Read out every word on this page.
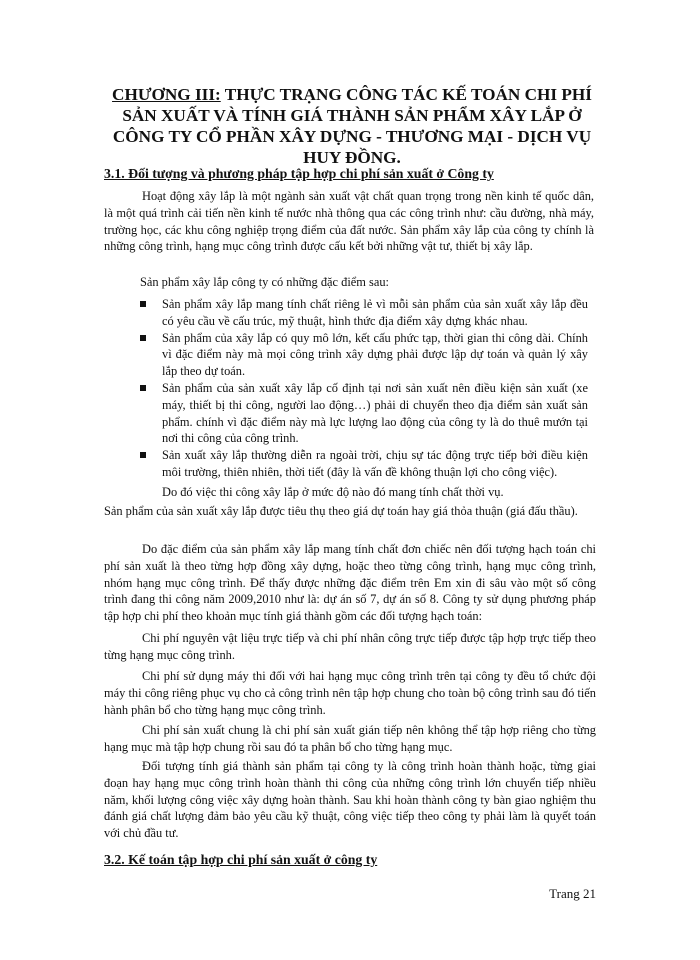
CHƯƠNG III: THỰC TRẠNG CÔNG TÁC KẾ TOÁN CHI PHÍ SẢN XUẤT VÀ TÍNH GIÁ THÀNH SẢN PHẨM XÂY LẮP Ở CÔNG TY CỔ PHẦN XÂY DỰNG - THƯƠNG MẠI - DỊCH VỤ HUY ĐỒNG.
3.1. Đối tượng và phương pháp tập hợp chi phí sản xuất ở Công ty

Hoạt động xây lắp là một ngành sản xuất vật chất quan trọng trong nền kinh tế quốc dân, là một quá trình cải tiến nền kinh tế nước nhà thông qua các công trình như: cầu đường, nhà máy, trường học, các khu công nghiệp trọng điểm của đất nước. Sản phẩm xây lắp của công ty chính là những công trình, hạng mục công trình được cấu kết bởi những vật tư, thiết bị xây lắp.

Sản phẩm xây lắp công ty có những đặc điểm sau:

Sản phẩm xây lắp mang tính chất riêng lẻ vì mỗi sản phẩm của sản xuất xây lắp đều có yêu cầu về cấu trúc, mỹ thuật, hình thức địa điểm xây dựng khác nhau.
Sản phẩm của xây lắp có quy mô lớn, kết cấu phức tạp, thời gian thi công dài. Chính vì đặc điểm này mà mọi công trình xây dựng phải được lập dự toán và quản lý xây lắp theo dự toán.
Sản phẩm của sản xuất xây lắp cố định tại nơi sản xuất nên điều kiện sản xuất (xe máy, thiết bị thi công, người lao động…) phải di chuyển theo địa điểm sản xuất sản phẩm. chính vì đặc điểm này mà lực lượng lao động của công ty là do thuê mướn tại nơi thi công của công trình.
Sản xuất xây lắp thường diễn ra ngoài trời, chịu sự tác động trực tiếp bởi điều kiện môi trường, thiên nhiên, thời tiết (đây là vấn đề không thuận lợi cho công việc).

Do đó việc thi công xây lắp ở mức độ nào đó mang tính chất thời vụ.

Sản phẩm của sản xuất xây lắp được tiêu thụ theo giá dự toán hay giá thỏa thuận (giá đấu thầu).

Do đặc điểm của sản phẩm xây lắp mang tính chất đơn chiếc nên đối tượng hạch toán chi phí sản xuất là theo từng hợp đồng xây dựng, hoặc theo từng công trình, hạng mục công trình, nhóm hạng mục công trình. Để thấy được những đặc điểm trên Em xin đi sâu vào một số công trình đang thi công năm 2009,2010 như là: dự án số 7, dự án số 8. Công ty sử dụng phương pháp tập hợp chi phí theo khoản mục tính giá thành gồm các đối tượng hạch toán:

Chi phí nguyên vật liệu trực tiếp và chi phí nhân công trực tiếp được tập hợp trực tiếp theo từng hạng mục công trình.

Chi phí sử dụng máy thi đối với hai hạng mục công trình trên tại công ty đều tổ chức đội máy thi công riêng phục vụ cho cả công trình nên tập hợp chung cho toàn bộ công trình sau đó tiến hành phân bổ cho từng hạng mục công trình.

Chi phí sản xuất chung là chi phí sản xuất gián tiếp nên không thể tập hợp riêng cho từng hạng mục mà tập hợp chung rồi sau đó ta phân bổ cho từng hạng mục.

Đối tượng tính giá thành sản phẩm tại công ty là công trình hoàn thành hoặc, từng giai đoạn hay hạng mục công trình hoàn thành thi công của những công trình lớn chuyển tiếp nhiều năm, khối lượng công việc xây dựng hoàn thành. Sau khi hoàn thành công ty bàn giao nghiệm thu đánh giá chất lượng đảm bảo yêu cầu kỹ thuật, công việc tiếp theo công ty phải làm là quyết toán với chủ đầu tư.

3.2. Kế toán tập hợp chi phí sản xuất ở công ty
Trang 21
